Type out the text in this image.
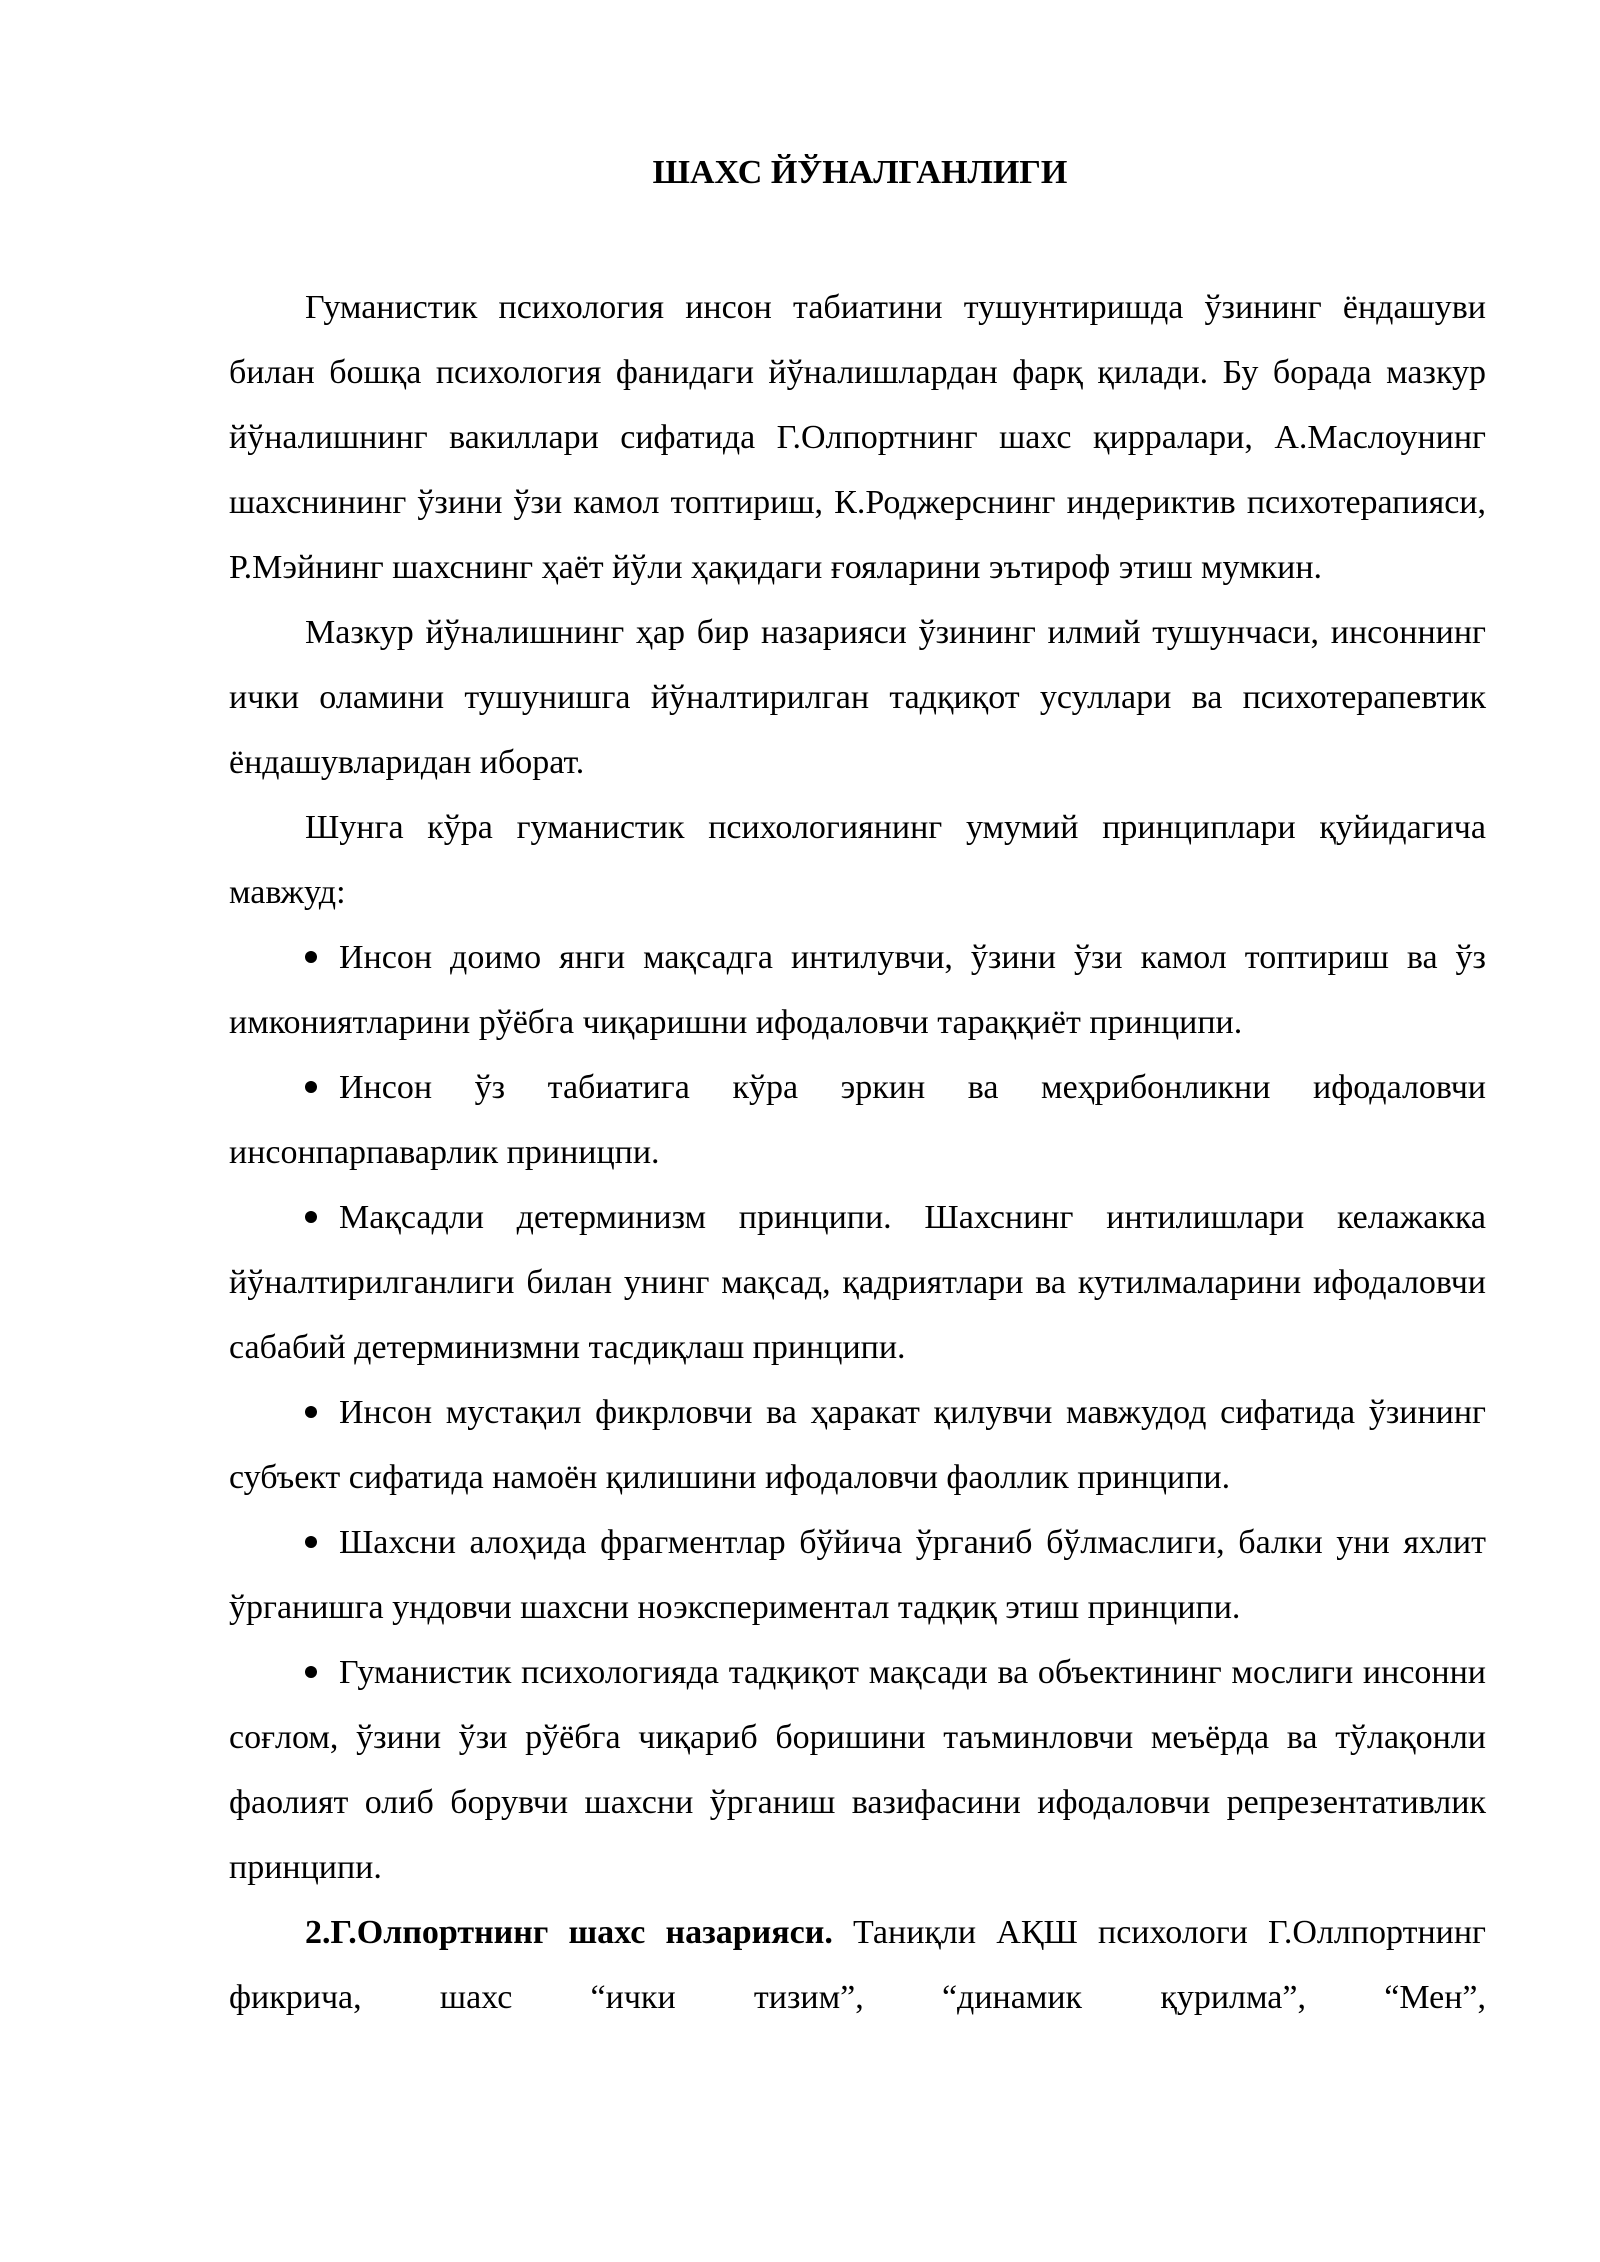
ШАХС ЙЎНАЛГАНЛИГИ

Гуманистик психология инсон табиатини тушунтиришда ўзининг ёндашуви билан бошқа психология фанидаги йўналишлардан фарқ қилади. Бу борада мазкур йўналишнинг вакиллари сифатида Г.Олпортнинг шахс қирралари, А.Маслоунинг шахснининг ўзини ўзи камол топтириш, К.Роджерснинг индериктив психотерапияси, Р.Мэйнинг шахснинг ҳаёт йўли ҳақидаги ғояларини эътироф этиш мумкин.

Мазкур йўналишнинг ҳар бир назарияси ўзининг илмий тушунчаси, инсоннинг ички оламини тушунишга йўналтирилган тадқиқот усуллари ва психотерапевтик ёндашувларидан иборат.

Шунга кўра гуманистик психологиянинг умумий принциплари қуйидагича мавжуд:

Инсон доимо янги мақсадга интилувчи, ўзини ўзи камол топтириш ва ўз имкониятларини рўёбга чиқаришни ифодаловчи тараққиёт принципи.

Инсон ўз табиатига кўра эркин ва меҳрибонликни ифодаловчи инсонпарпаварлик приницпи.

Мақсадли детерминизм принципи. Шахснинг интилишлари келажакка йўналтирилганлиги билан унинг мақсад, қадриятлари ва кутилмаларини ифодаловчи сабабий детерминизмни тасдиқлаш принципи.

Инсон мустақил фикрловчи ва ҳаракат қилувчи мавжудод сифатида ўзининг субъект сифатида намоён қилишини ифодаловчи фаоллик принципи.

Шахсни алоҳида фрагментлар бўйича ўрганиб бўлмаслиги, балки уни яхлит ўрганишга ундовчи шахсни ноэкспериментал тадқиқ этиш принципи.

Гуманистик психологияда тадқиқот мақсади ва объектининг мослиги инсонни соғлом, ўзини ўзи рўёбга чиқариб боришини таъминловчи меъёрда ва тўлақонли фаолият олиб борувчи шахсни ўрганиш вазифасини ифодаловчи репрезентативлик принципи.

2.Г.Олпортнинг шахс назарияси. Таниқли АҚШ психологи Г.Оллпортнинг фикрича, шахс “ички тизим”, “динамик қурилма”, “Мен”,
